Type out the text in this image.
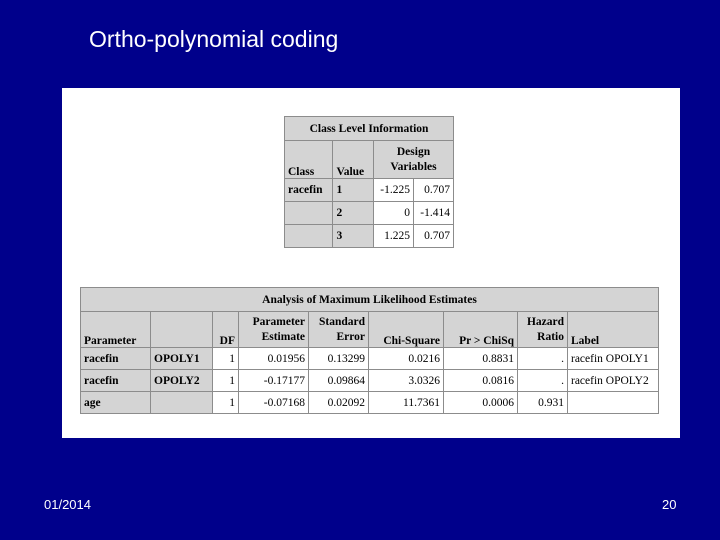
Ortho-polynomial coding
Class Level Information			
Class	Value	Design Variables	
racefin	1	-1.225	0.707
	2	0	-1.414
	3	1.225	0.707
Analysis of Maximum Likelihood Estimates								
Parameter		DF	Parameter Estimate	Standard Error	Chi-Square	Pr > ChiSq	Hazard Ratio	Label
racefin	OPOLY1	1	0.01956	0.13299	0.0216	0.8831	.	racefin OPOLY1
racefin	OPOLY2	1	-0.17177	0.09864	3.0326	0.0816	.	racefin OPOLY2
age		1	-0.07168	0.02092	11.7361	0.0006	0.931	
01/2014	20
